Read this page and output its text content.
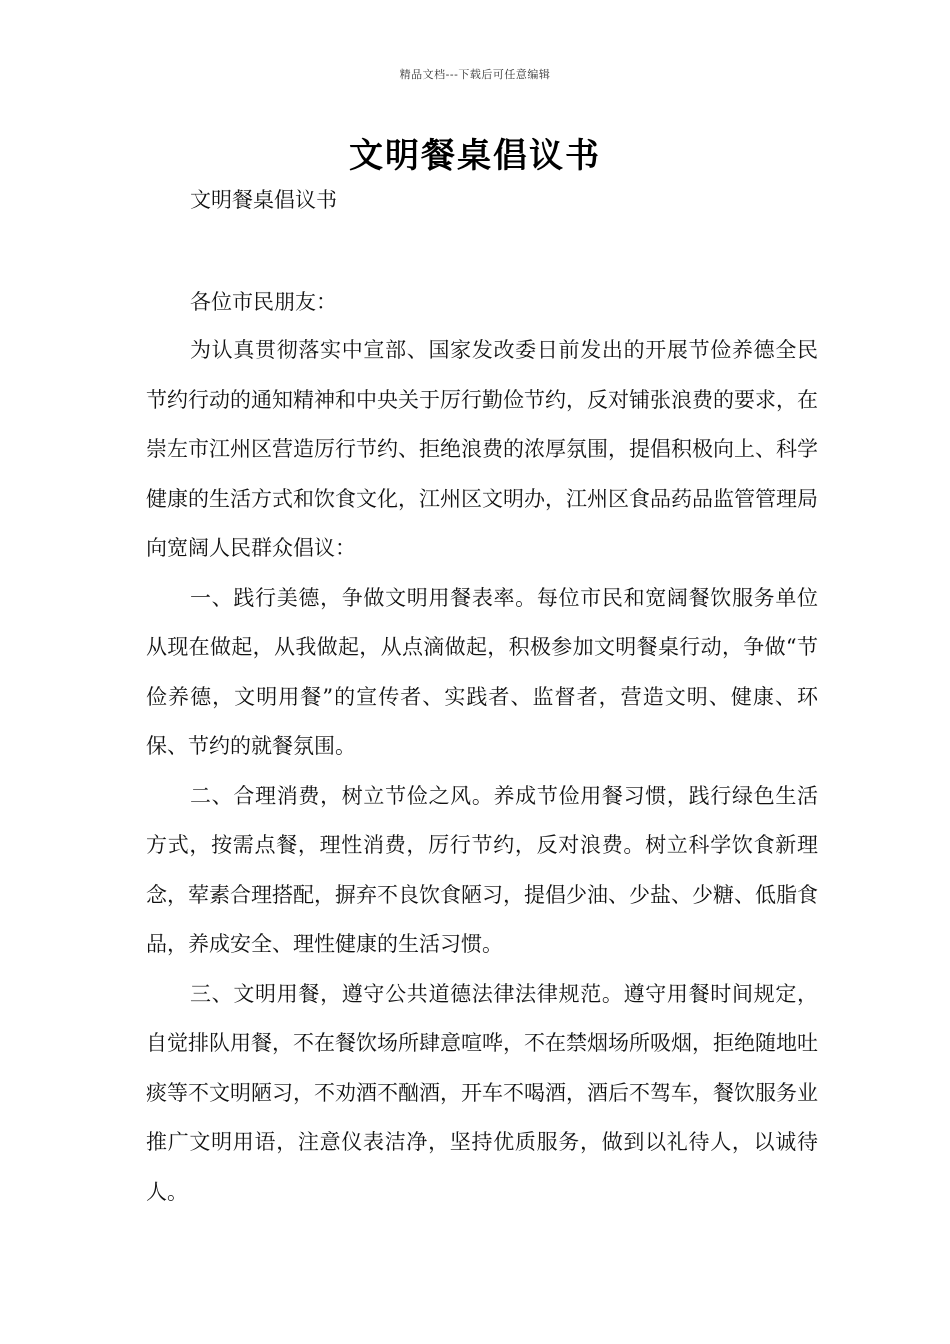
精品文档---下载后可任意编辑
文明餐桌倡议书
文明餐桌倡议书
各位市民朋友：

为认真贯彻落实中宣部、国家发改委日前发出的开展节俭养德全民节约行动的通知精神和中央关于厉行勤俭节约，反对铺张浪费的要求，在崇左市江州区营造厉行节约、拒绝浪费的浓厚氛围，提倡积极向上、科学健康的生活方式和饮食文化，江州区文明办，江州区食品药品监管管理局向宽阔人民群众倡议：

一、践行美德，争做文明用餐表率。每位市民和宽阔餐饮服务单位从现在做起，从我做起，从点滴做起，积极参加文明餐桌行动，争做“节俭养德，文明用餐”的宣传者、实践者、监督者，营造文明、健康、环保、节约的就餐氛围。

二、合理消费，树立节俭之风。养成节俭用餐习惯，践行绿色生活方式，按需点餐，理性消费，厉行节约，反对浪费。树立科学饮食新理念，荤素合理搭配，摒弃不良饮食陋习，提倡少油、少盐、少糖、低脂食品，养成安全、理性健康的生活习惯。

三、文明用餐，遵守公共道德法律法律规范。遵守用餐时间规定，自觉排队用餐，不在餐饮场所肆意喧哗，不在禁烟场所吸烟，拒绝随地吐痰等不文明陋习，不劝酒不酗酒，开车不喝酒，酒后不驾车，餐饮服务业推广文明用语，注意仪表洁净，坚持优质服务，做到以礼待人，以诚待人。
